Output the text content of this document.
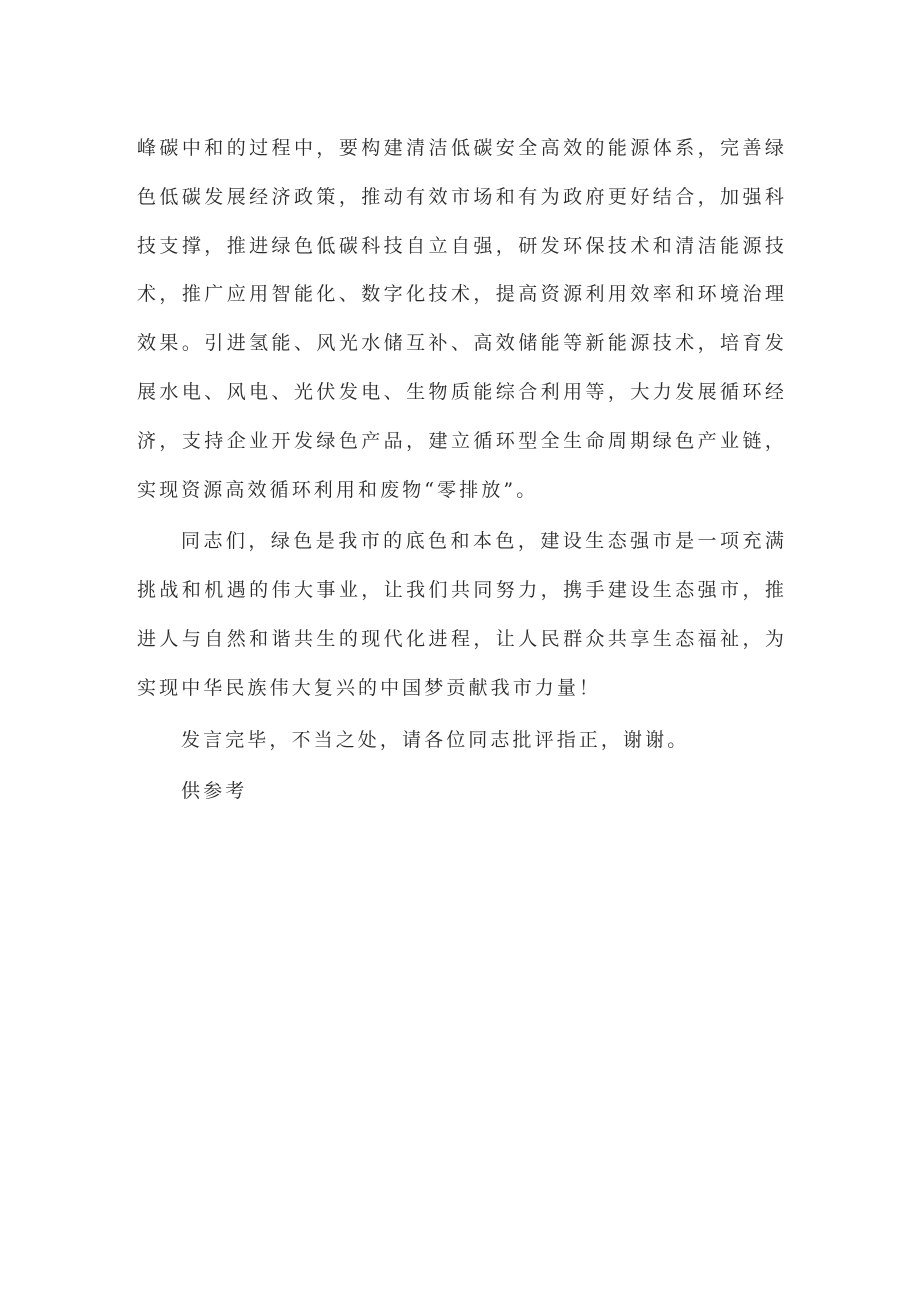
峰碳中和的过程中，要构建清洁低碳安全高效的能源体系，完善绿色低碳发展经济政策，推动有效市场和有为政府更好结合，加强科技支撑，推进绿色低碳科技自立自强，研发环保技术和清洁能源技术，推广应用智能化、数字化技术，提高资源利用效率和环境治理效果。引进氢能、风光水储互补、高效储能等新能源技术，培育发展水电、风电、光伏发电、生物质能综合利用等，大力发展循环经济，支持企业开发绿色产品，建立循环型全生命周期绿色产业链，实现资源高效循环利用和废物“零排放”。

同志们，绿色是我市的底色和本色，建设生态强市是一项充满挑战和机遇的伟大事业，让我们共同努力，携手建设生态强市，推进人与自然和谐共生的现代化进程，让人民群众共享生态福祉，为实现中华民族伟大复兴的中国梦贡献我市力量！

发言完毕，不当之处，请各位同志批评指正，谢谢。

供参考
